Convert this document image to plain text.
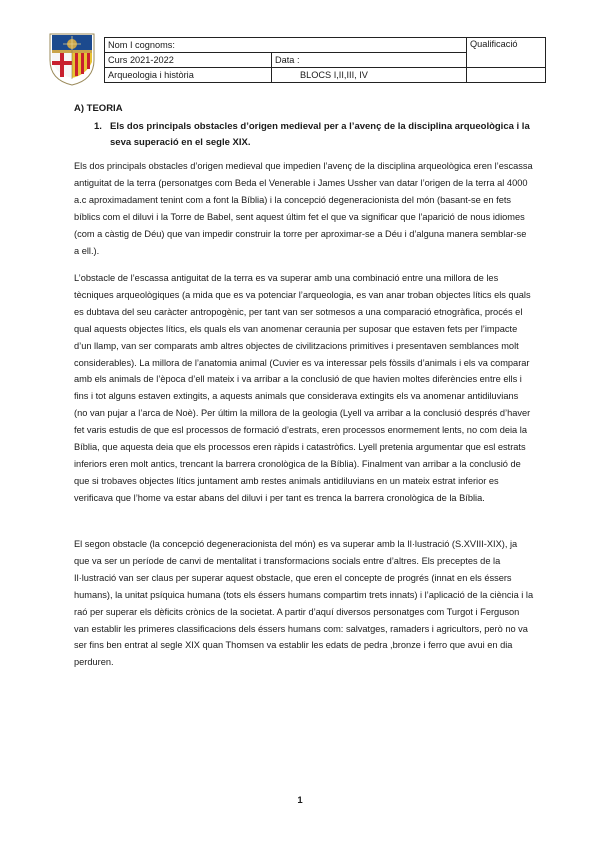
Nom I cognoms:		Qualificació
Curs 2021-2022	Data :	
Arqueologia i història	BLOCS I,II,III, IV	
A) TEORIA
1. Els dos principals obstacles d’origen medieval per a l’avenç de la disciplina arqueològica i la seva superació en el segle XIX.

Els dos principals obstacles d’origen medieval que impedien l’avenç de la disciplina arqueològica eren l’escassa antiguitat de la terra (personatges com Beda el Venerable i James Ussher van datar l’origen de la terra al 4000 a.c aproximadament tenint com a font la Bíblia) i la concepció degeneracionista del món (basant-se en fets bíblics com el diluvi i la Torre de Babel, sent aquest últim fet el que va significar que l’aparició de nous idiomes (com a càstig de Déu) que van impedir construir la torre per aproximar-se a Déu i d’alguna manera semblar-se a ell.).

L’obstacle de l’escassa antiguitat de la terra es va superar amb una combinació entre una millora de les tècniques arqueològiques (a mida que es va potenciar l’arqueologia, es van anar troban objectes lítics els quals es dubtava del seu caràcter antropogènic, per tant van ser sotmesos a una comparació etnogràfica, procés el qual aquests objectes lítics, els quals els van anomenar ceraunia per suposar que estaven fets per l’impacte d’un llamp, van ser comparats amb altres objectes de civilitzacions primitives i presentaven semblances molt considerables). La millora de l’anatomia animal (Cuvier es va interessar pels fòssils d’animals i els va comparar amb els animals de l’època d’ell mateix i va arribar a la conclusió de que havien moltes diferències entre ells i fins i tot alguns estaven extingits, a aquests animals que considerava extingits els va anomenar antidiluvians (no van pujar a l’arca de Noè). Per últim la millora de la geologia (Lyell va arribar a la conclusió després d’haver fet varis estudis de que esl processos de formació d’estrats, eren processos enormement lents, no com deia la Bíblia, que aquesta deia que els processos eren ràpids i catastròfics. Lyell pretenia argumentar que esl estrats inferiors eren molt antics, trencant la barrera cronològica de la Bíblia). Finalment van arribar a la conclusió de que si trobaves objectes lítics juntament amb restes animals antidiluvians en un mateix estrat inferior es verificava que l’home va estar abans del diluvi i per tant es trenca la barrera cronològica de la Bíblia.

El segon obstacle (la concepció degeneracionista del món) es va superar amb la Il·lustració (S.XVIII-XIX), ja que va ser un període de canvi de mentalitat i transformacions socials entre d’altres. Els preceptes de la Il·lustració van ser claus per superar aquest obstacle, que eren el concepte de progrés (innat en els éssers humans), la unitat psíquica humana (tots els éssers humans compartim trets innats) i l’aplicació de la ciència i la raó per superar els dèficits crònics de la societat. A partir d’aquí diversos personatges com Turgot i Ferguson van establir les primeres classificacions dels éssers humans com: salvatges, ramaders i agricultors, però no va ser fins ben entrat al segle XIX quan Thomsen va establir les edats de pedra ,bronze i ferro que avui en dia perduren.

1
